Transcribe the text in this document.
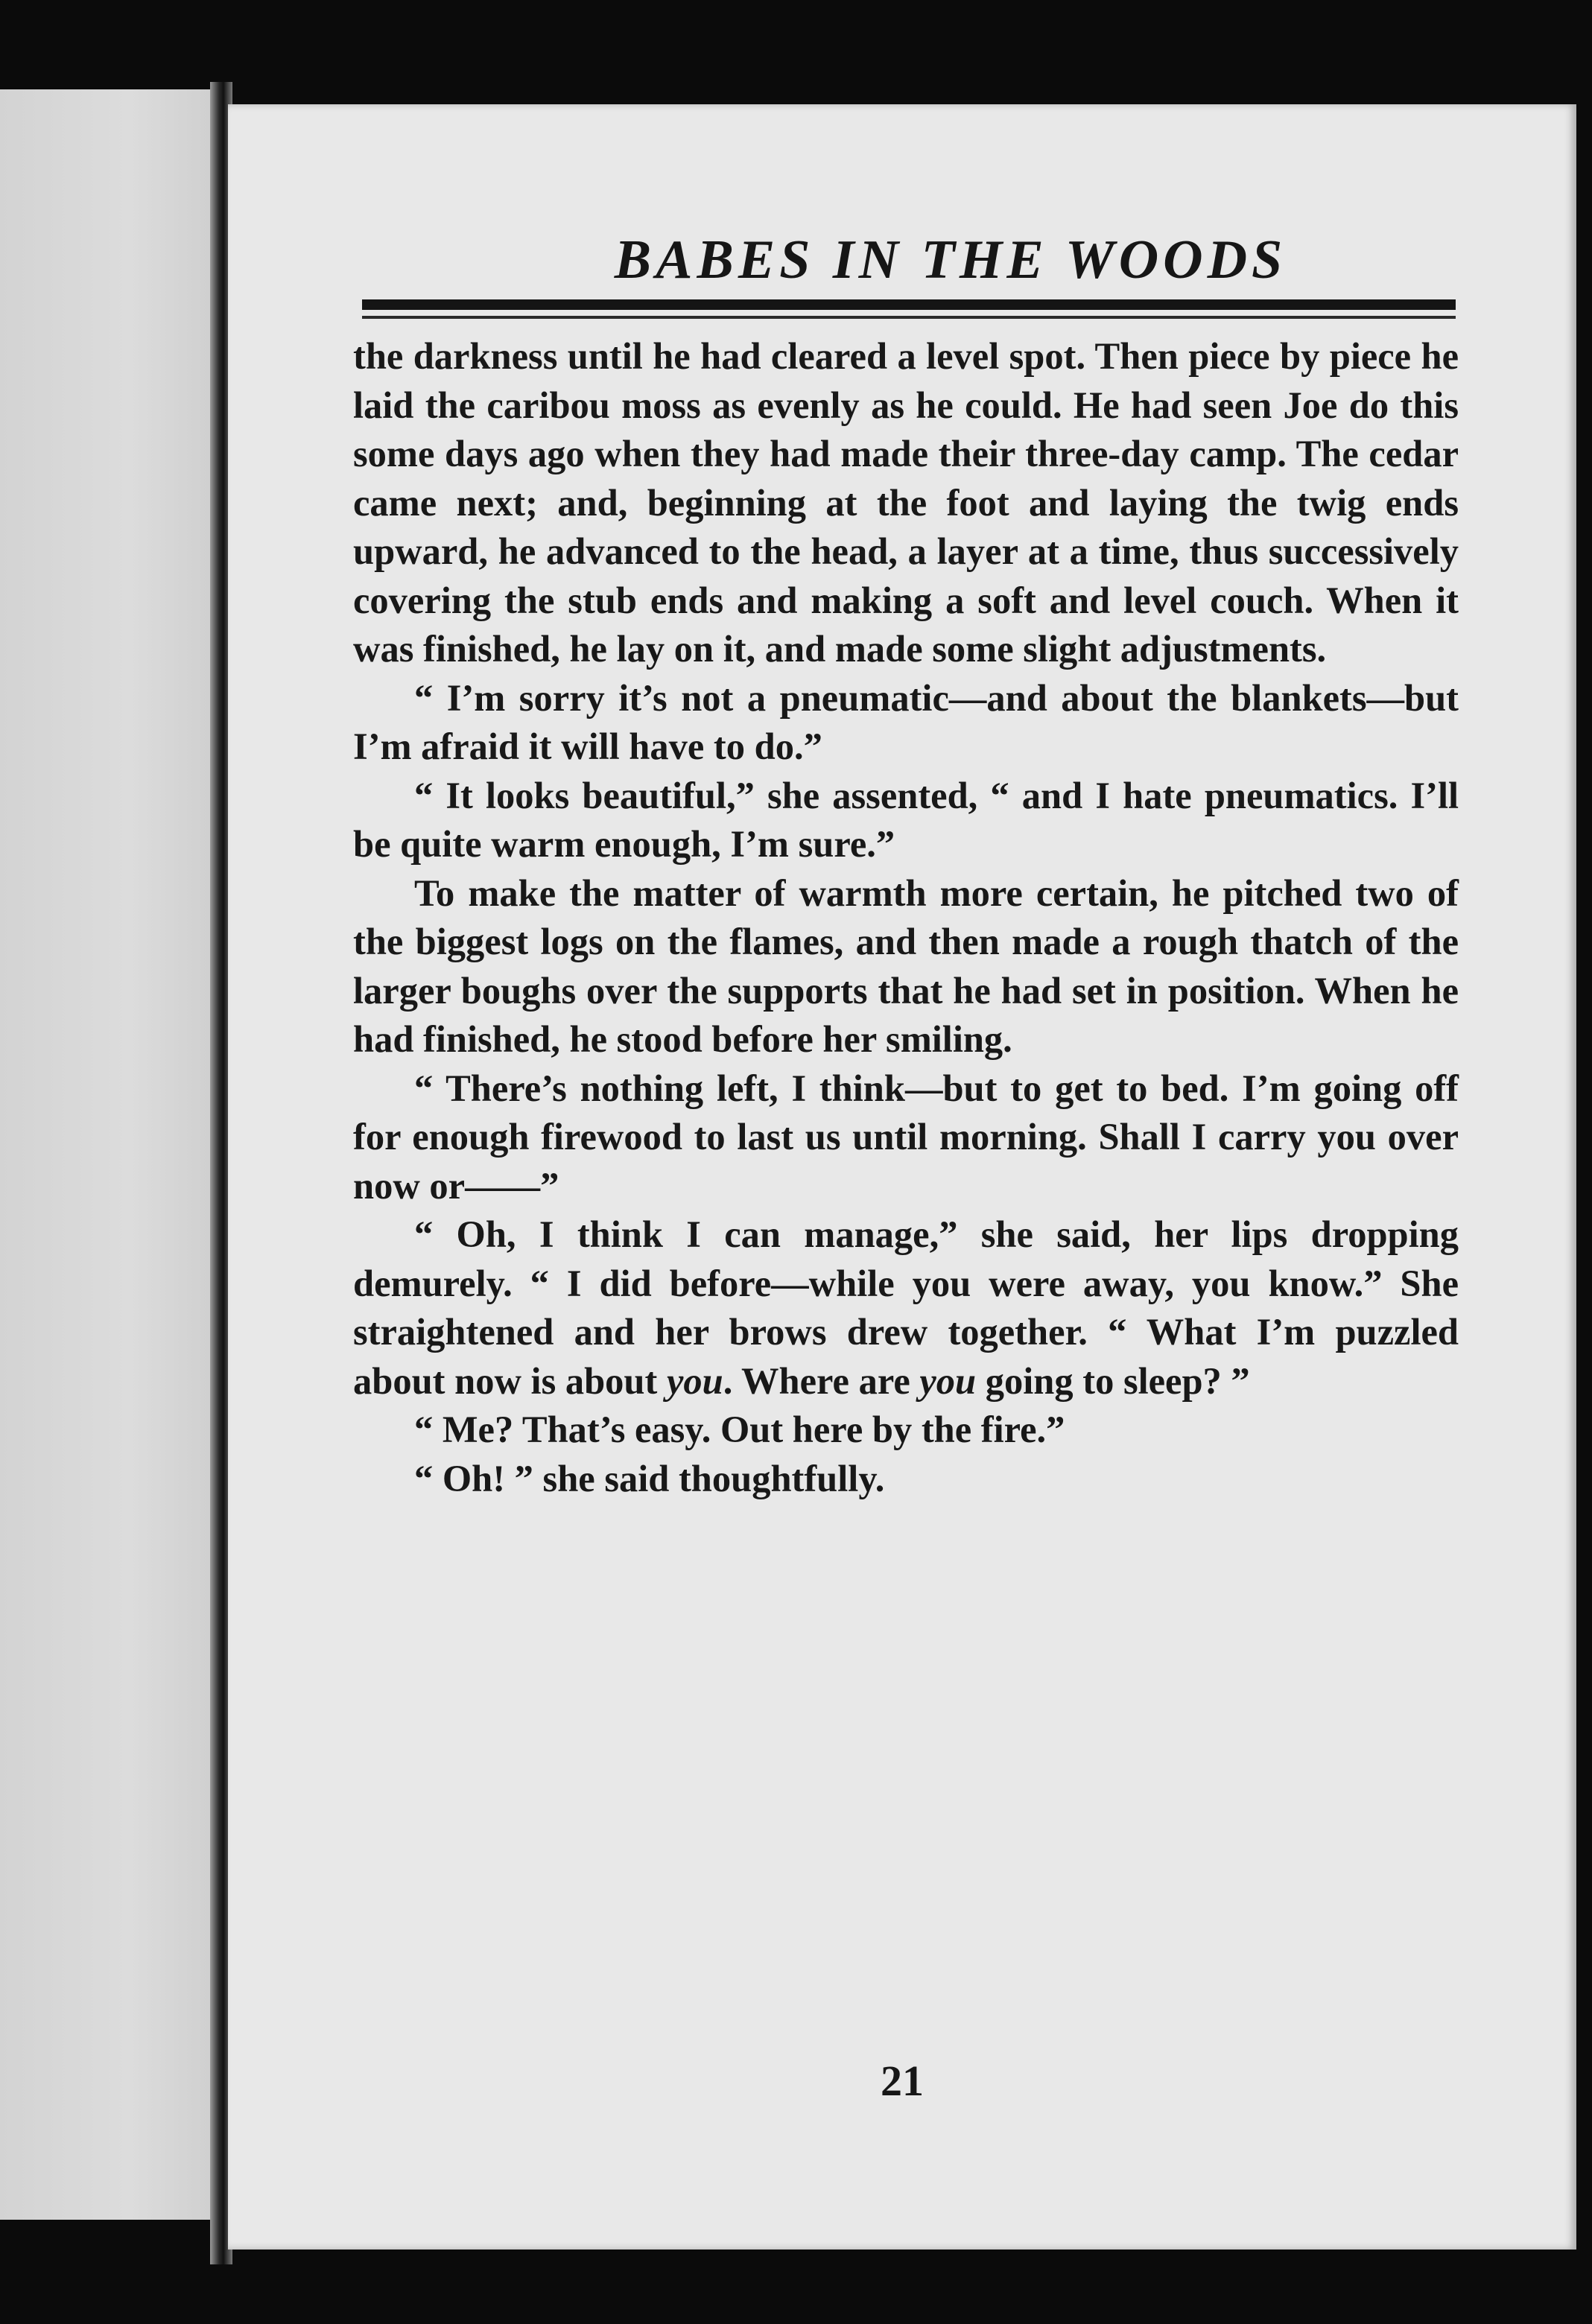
BABES IN THE WOODS

the darkness until he had cleared a level spot. Then piece by piece he laid the caribou moss as evenly as he could. He had seen Joe do this some days ago when they had made their three-day camp. The cedar came next; and, beginning at the foot and laying the twig ends upward, he advanced to the head, a layer at a time, thus successively covering the stub ends and making a soft and level couch. When it was finished, he lay on it, and made some slight adjustments.

“ I’m sorry it’s not a pneumatic—and about the blankets—but I’m afraid it will have to do.”

“ It looks beautiful,” she assented, “ and I hate pneumatics. I’ll be quite warm enough, I’m sure.”

To make the matter of warmth more certain, he pitched two of the biggest logs on the flames, and then made a rough thatch of the larger boughs over the supports that he had set in position. When he had finished, he stood before her smiling.

“ There’s nothing left, I think—but to get to bed. I’m going off for enough firewood to last us until morning. Shall I carry you over now or——”

“ Oh, I think I can manage,” she said, her lips dropping demurely. “ I did before—while you were away, you know.” She straightened and her brows drew together. “ What I’m puzzled about now is about you. Where are you going to sleep? ”

“ Me? That’s easy. Out here by the fire.”

“ Oh! ” she said thoughtfully.

21
